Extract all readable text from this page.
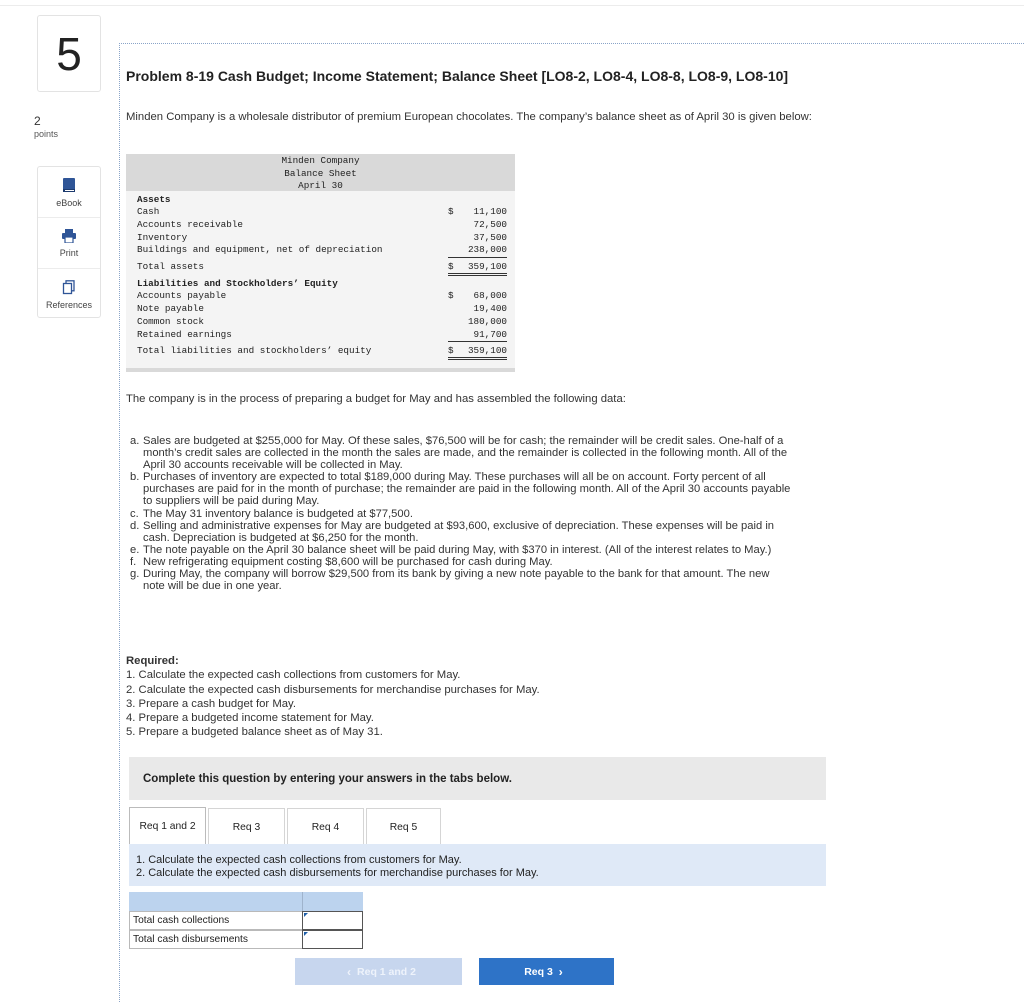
5
2
points
eBook
Print
References
Problem 8-19 Cash Budget; Income Statement; Balance Sheet [LO8-2, LO8-4, LO8-8, LO8-9, LO8-10]
Minden Company is a wholesale distributor of premium European chocolates. The company’s balance sheet as of April 30 is given below:
Minden Company
Balance Sheet
April 30
Assets
Cash	$ 11,100
Accounts receivable	72,500
Inventory	37,500
Buildings and equipment, net of depreciation	238,000
Total assets	$ 359,100
Liabilities and Stockholders’ Equity
Accounts payable	$ 68,000
Note payable	19,400
Common stock	180,000
Retained earnings	91,700
Total liabilities and stockholders’ equity	$ 359,100
The company is in the process of preparing a budget for May and has assembled the following data:
a. Sales are budgeted at $255,000 for May. Of these sales, $76,500 will be for cash; the remainder will be credit sales. One-half of a
month’s credit sales are collected in the month the sales are made, and the remainder is collected in the following month. All of the
April 30 accounts receivable will be collected in May.
b. Purchases of inventory are expected to total $189,000 during May. These purchases will all be on account. Forty percent of all
purchases are paid for in the month of purchase; the remainder are paid in the following month. All of the April 30 accounts payable
to suppliers will be paid during May.
c. The May 31 inventory balance is budgeted at $77,500.
d. Selling and administrative expenses for May are budgeted at $93,600, exclusive of depreciation. These expenses will be paid in
cash. Depreciation is budgeted at $6,250 for the month.
e. The note payable on the April 30 balance sheet will be paid during May, with $370 in interest. (All of the interest relates to May.)
f. New refrigerating equipment costing $8,600 will be purchased for cash during May.
g. During May, the company will borrow $29,500 from its bank by giving a new note payable to the bank for that amount. The new
note will be due in one year.
Required:
1. Calculate the expected cash collections from customers for May.
2. Calculate the expected cash disbursements for merchandise purchases for May.
3. Prepare a cash budget for May.
4. Prepare a budgeted income statement for May.
5. Prepare a budgeted balance sheet as of May 31.
Complete this question by entering your answers in the tabs below.
Req 1 and 2	Req 3	Req 4	Req 5
1. Calculate the expected cash collections from customers for May.
2. Calculate the expected cash disbursements for merchandise purchases for May.
Total cash collections
Total cash disbursements
‹ Req 1 and 2	Req 3 ›
